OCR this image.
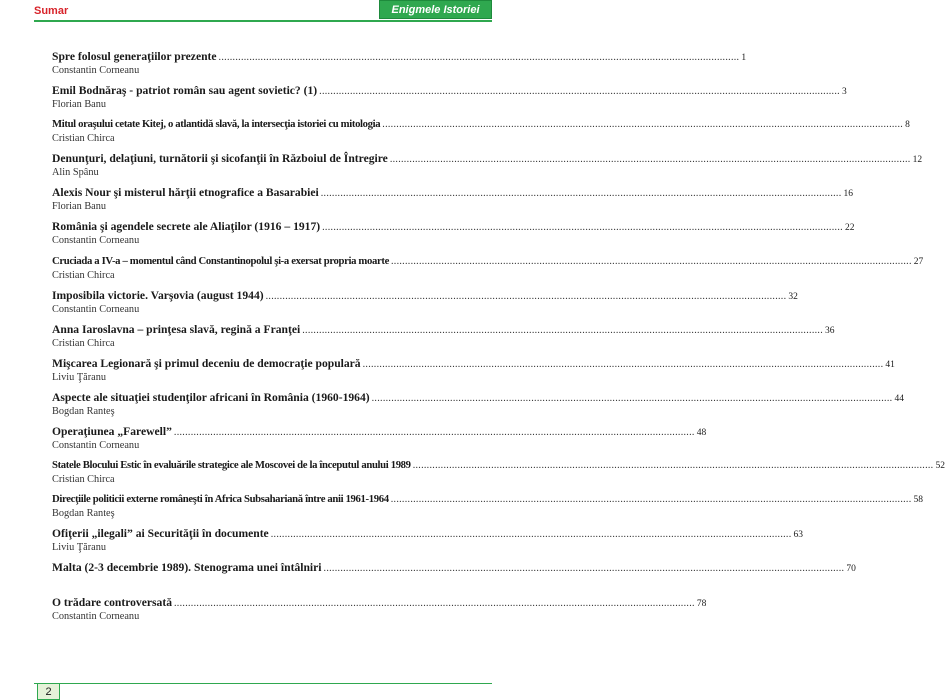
Sumar	Enigmele Istoriei
Spre folosul generaţiilor prezente .....	1
Constantin Corneanu
Emil Bodnăraş - patriot român sau agent sovietic? (1) .....	3
Florian Banu
Mitul oraşului cetate Kitej, o atlantidă slavă, la intersecţia istoriei cu mitologia .....	8
Cristian Chirca
Denunţuri, delaţiuni, turnătorii şi sicofanţii în Războiul de Întregire .....	12
Alin Spânu
Alexis Nour şi misterul hărţii etnografice a Basarabiei .....	16
Florian Banu
România şi agendele secrete ale Aliaţilor (1916 – 1917) .....	22
Constantin Corneanu
Cruciada a IV-a – momentul când Constantinopolul şi-a exersat propria moarte .....	27
Cristian Chirca
Imposibila victorie. Varşovia (august 1944) .....	32
Constantin Corneanu
Anna Iaroslavna – prinţesa slavă, regină a Franţei .....	36
Cristian Chirca
Mişcarea Legionară şi primul deceniu de democraţie populară .....	41
Liviu Ţăranu
Aspecte ale situaţiei studenţilor africani în România (1960-1964) .....	44
Bogdan Ranteş
Operaţiunea „Farewell” .....	48
Constantin Corneanu
Statele Blocului Estic în evaluările strategice ale Moscovei de la începutul anului 1989 .....	52
Cristian Chirca
Direcţiile politicii externe româneşti în Africa Subsahariană între anii 1961-1964 .....	58
Bogdan Ranteş
Ofiţerii „ilegali” ai Securităţii în documente .....	63
Liviu Ţăranu
Malta (2-3 decembrie 1989). Stenograma unei întâlniri .....	70
O trădare controversată .....	78
Constantin Corneanu
2
